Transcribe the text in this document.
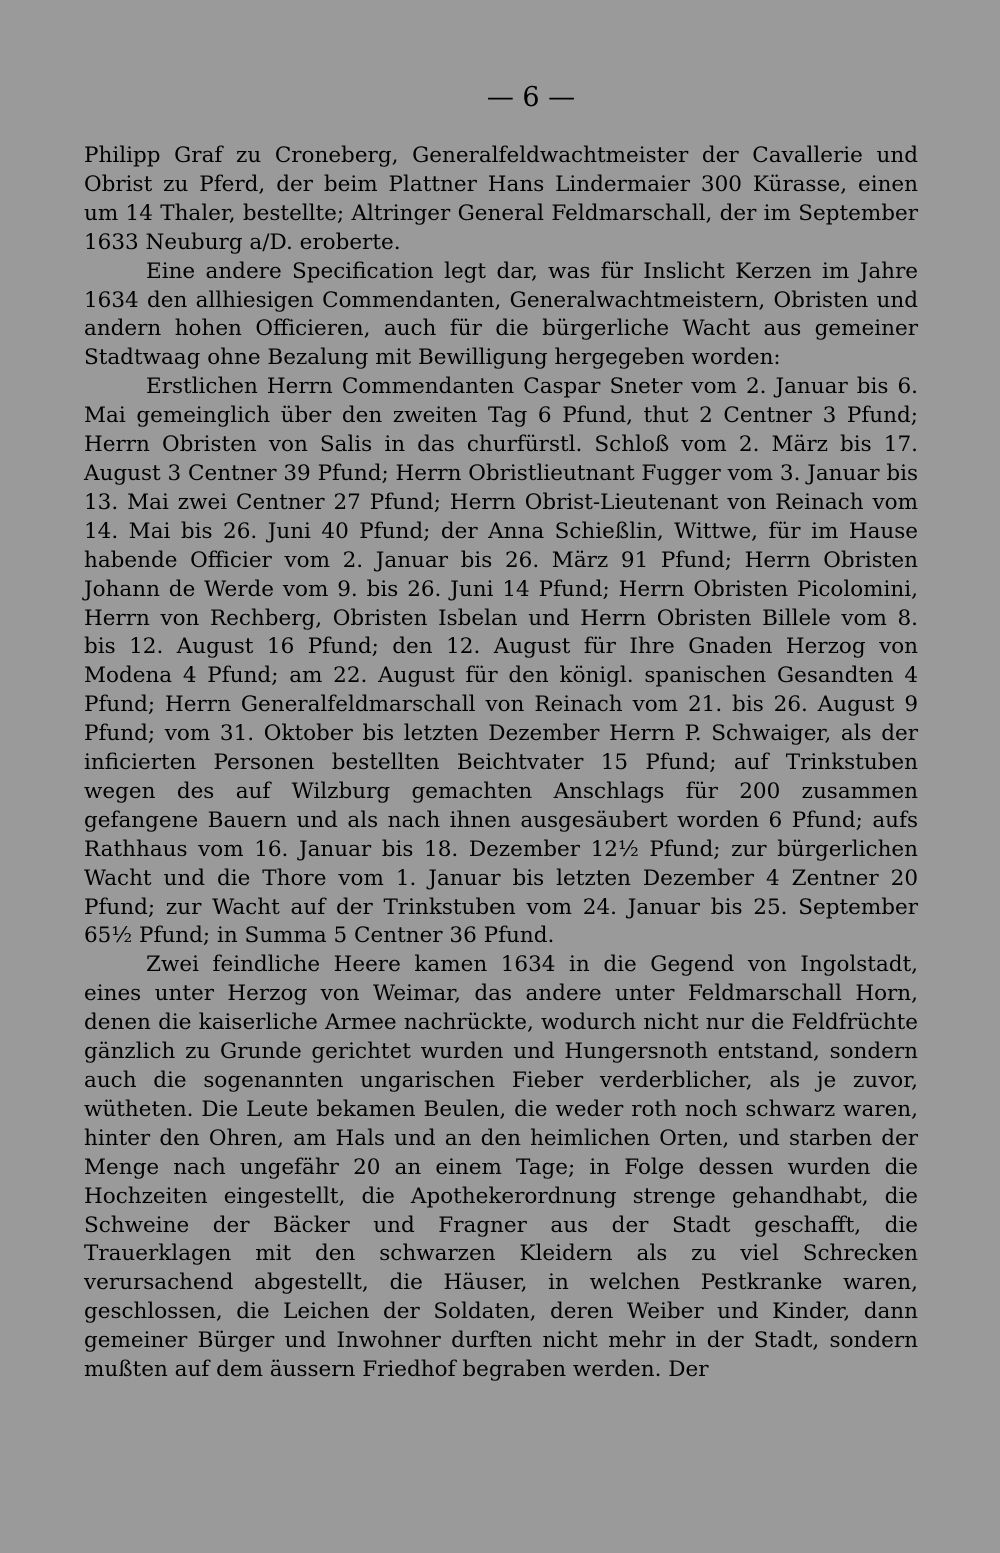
— 6 —

Philipp Graf zu Croneberg, Generalfeldwachtmeister der Cavallerie und Obrist zu Pferd, der beim Plattner Hans Lindermaier 300 Kürasse, einen um 14 Thaler, bestellte; Altringer General Feldmarschall, der im September 1633 Neuburg a/D. eroberte.

Eine andere Specification legt dar, was für Inslicht Kerzen im Jahre 1634 den allhiesigen Commendanten, Generalwachtmeistern, Obristen und andern hohen Officieren, auch für die bürgerliche Wacht aus gemeiner Stadtwaag ohne Bezalung mit Bewilligung hergegeben worden:

Erstlichen Herrn Commendanten Caspar Sneter vom 2. Januar bis 6. Mai gemeinglich über den zweiten Tag 6 Pfund, thut 2 Centner 3 Pfund; Herrn Obristen von Salis in das churfürstl. Schloß vom 2. März bis 17. August 3 Centner 39 Pfund; Herrn Obristlieutnant Fugger vom 3. Januar bis 13. Mai zwei Centner 27 Pfund; Herrn Obrist-Lieutenant von Reinach vom 14. Mai bis 26. Juni 40 Pfund; der Anna Schießlin, Wittwe, für im Hause habende Officier vom 2. Januar bis 26. März 91 Pfund; Herrn Obristen Johann de Werde vom 9. bis 26. Juni 14 Pfund; Herrn Obristen Picolomini, Herrn von Rechberg, Obristen Isbelan und Herrn Obristen Billele vom 8. bis 12. August 16 Pfund; den 12. August für Ihre Gnaden Herzog von Modena 4 Pfund; am 22. August für den königl. spanischen Gesandten 4 Pfund; Herrn Generalfeldmarschall von Reinach vom 21. bis 26. August 9 Pfund; vom 31. Oktober bis letzten Dezember Herrn P. Schwaiger, als der inficierten Personen bestellten Beichtvater 15 Pfund; auf Trinkstuben wegen des auf Wilzburg gemachten Anschlags für 200 zusammen gefangene Bauern und als nach ihnen ausgesäubert worden 6 Pfund; aufs Rathhaus vom 16. Januar bis 18. Dezember 12½ Pfund; zur bürgerlichen Wacht und die Thore vom 1. Januar bis letzten Dezember 4 Zentner 20 Pfund; zur Wacht auf der Trinkstuben vom 24. Januar bis 25. September 65½ Pfund; in Summa 5 Centner 36 Pfund.

Zwei feindliche Heere kamen 1634 in die Gegend von Ingolstadt, eines unter Herzog von Weimar, das andere unter Feldmarschall Horn, denen die kaiserliche Armee nachrückte, wodurch nicht nur die Feldfrüchte gänzlich zu Grunde gerichtet wurden und Hungersnoth entstand, sondern auch die sogenannten ungarischen Fieber verderblicher, als je zuvor, wütheten. Die Leute bekamen Beulen, die weder roth noch schwarz waren, hinter den Ohren, am Hals und an den heimlichen Orten, und starben der Menge nach ungefähr 20 an einem Tage; in Folge dessen wurden die Hochzeiten eingestellt, die Apothekerordnung strenge gehandhabt, die Schweine der Bäcker und Fragner aus der Stadt geschafft, die Trauerklagen mit den schwarzen Kleidern als zu viel Schrecken verursachend abgestellt, die Häuser, in welchen Pestkranke waren, geschlossen, die Leichen der Soldaten, deren Weiber und Kinder, dann gemeiner Bürger und Inwohner durften nicht mehr in der Stadt, sondern mußten auf dem äussern Friedhof begraben werden. Der
